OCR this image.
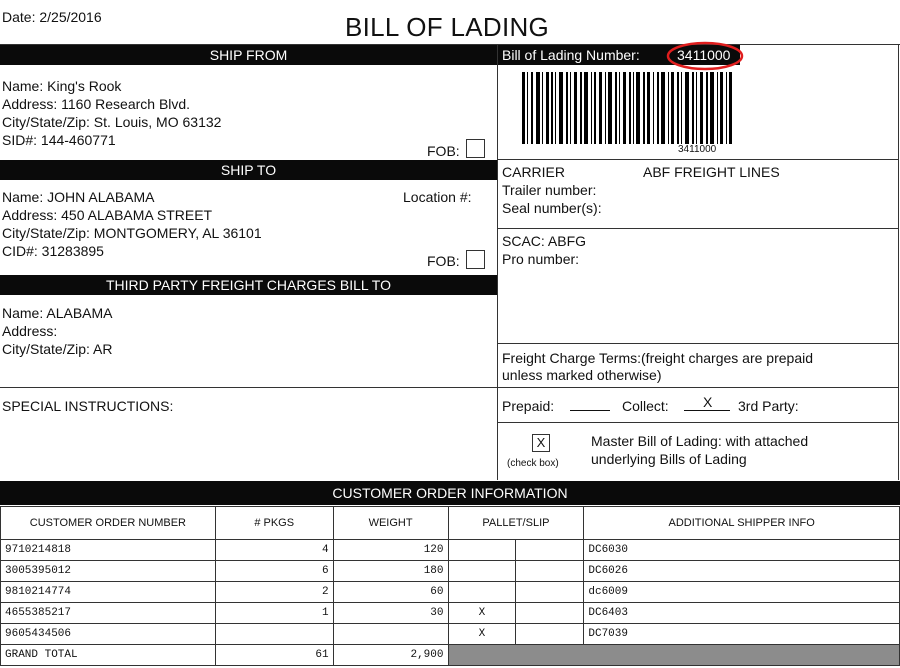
Date: 2/25/2016	BILL OF LADING
SHIP FROM
Name: King's Rook
Address: 1160 Research Blvd.
City/State/Zip: St. Louis, MO 63132
SID#: 144-460771
FOB:
SHIP TO
Name: JOHN ALABAMA	Location #:
Address: 450 ALABAMA STREET
City/State/Zip: MONTGOMERY, AL 36101
CID#: 31283895
FOB:
THIRD PARTY FREIGHT CHARGES BILL TO
Name: ALABAMA
Address:
City/State/Zip: AR
SPECIAL INSTRUCTIONS:
Bill of Lading Number:	3411000
3411000
CARRIER	ABF FREIGHT LINES
Trailer number:
Seal number(s):
SCAC: ABFG
Pro number:
Freight Charge Terms:(freight charges are prepaid
unless marked otherwise)
Prepaid:	Collect: X 3rd Party:
X
(check box)
Master Bill of Lading: with attached
underlying Bills of Lading
CUSTOMER ORDER INFORMATION
CUSTOMER ORDER NUMBER	# PKGS	WEIGHT	PALLET/SLIP		ADDITIONAL SHIPPER INFO
9710214818	4	120			DC6030
3005395012	6	180			DC6026
9810214774	2	60			dc6009
4655385217	1	30	X		DC6403
9605434506			X		DC7039
GRAND TOTAL	61	2,900			
